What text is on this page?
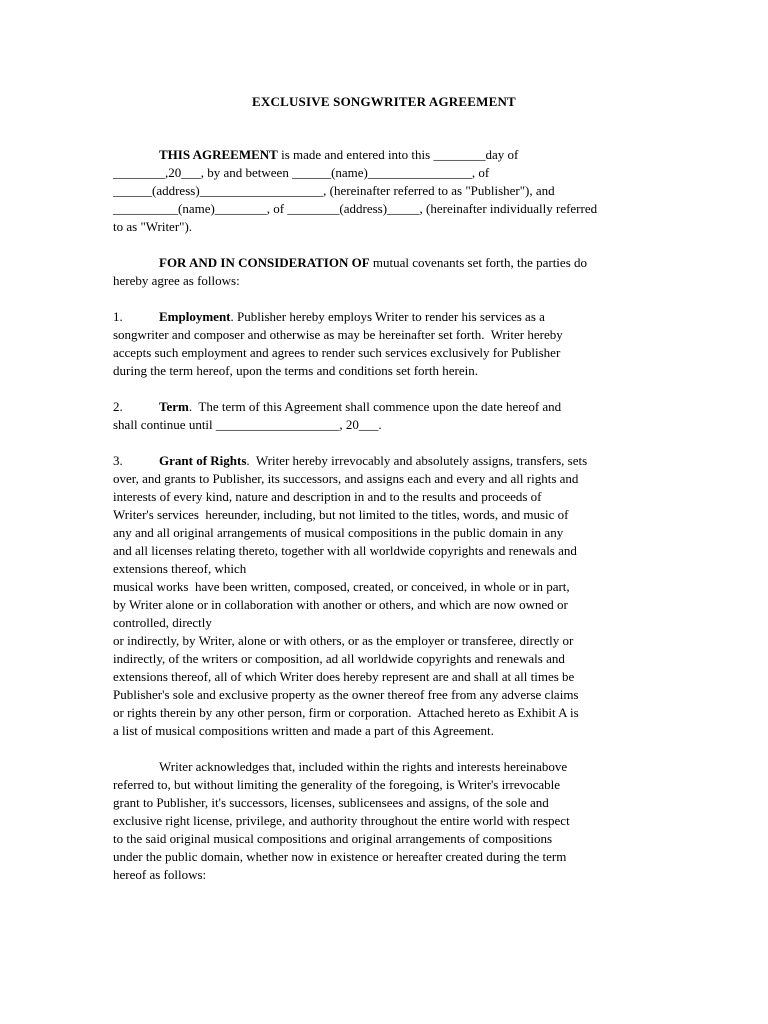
EXCLUSIVE SONGWRITER AGREEMENT
THIS AGREEMENT is made and entered into this ________day of
________,20___, by and between ______(name)________________, of
______(address)___________________, (hereinafter referred to as "Publisher"), and
__________(name)________, of ________(address)_____, (hereinafter individually referred
to as "Writer").
FOR AND IN CONSIDERATION OF mutual covenants set forth, the parties do
hereby agree as follows:
1.	Employment. Publisher hereby employs Writer to render his services as a
songwriter and composer and otherwise as may be hereinafter set forth.  Writer hereby
accepts such employment and agrees to render such services exclusively for Publisher
during the term hereof, upon the terms and conditions set forth herein.
2.	Term.  The term of this Agreement shall commence upon the date hereof and
shall continue until ___________________, 20___.
3.	Grant of Rights.  Writer hereby irrevocably and absolutely assigns, transfers, sets
over, and grants to Publisher, its successors, and assigns each and every and all rights and
interests of every kind, nature and description in and to the results and proceeds of
Writer's services  hereunder, including, but not limited to the titles, words, and music of
any and all original arrangements of musical compositions in the public domain in any
and all licenses relating thereto, together with all worldwide copyrights and renewals and
extensions thereof, which
musical works  have been written, composed, created, or conceived, in whole or in part,
by Writer alone or in collaboration with another or others, and which are now owned or
controlled, directly
or indirectly, by Writer, alone or with others, or as the employer or transferee, directly or
indirectly, of the writers or composition, ad all worldwide copyrights and renewals and
extensions thereof, all of which Writer does hereby represent are and shall at all times be
Publisher's sole and exclusive property as the owner thereof free from any adverse claims
or rights therein by any other person, firm or corporation.  Attached hereto as Exhibit A is
a list of musical compositions written and made a part of this Agreement.
Writer acknowledges that, included within the rights and interests hereinabove
referred to, but without limiting the generality of the foregoing, is Writer's irrevocable
grant to Publisher, it's successors, licenses, sublicensees and assigns, of the sole and
exclusive right license, privilege, and authority throughout the entire world with respect
to the said original musical compositions and original arrangements of compositions
under the public domain, whether now in existence or hereafter created during the term
hereof as follows:
